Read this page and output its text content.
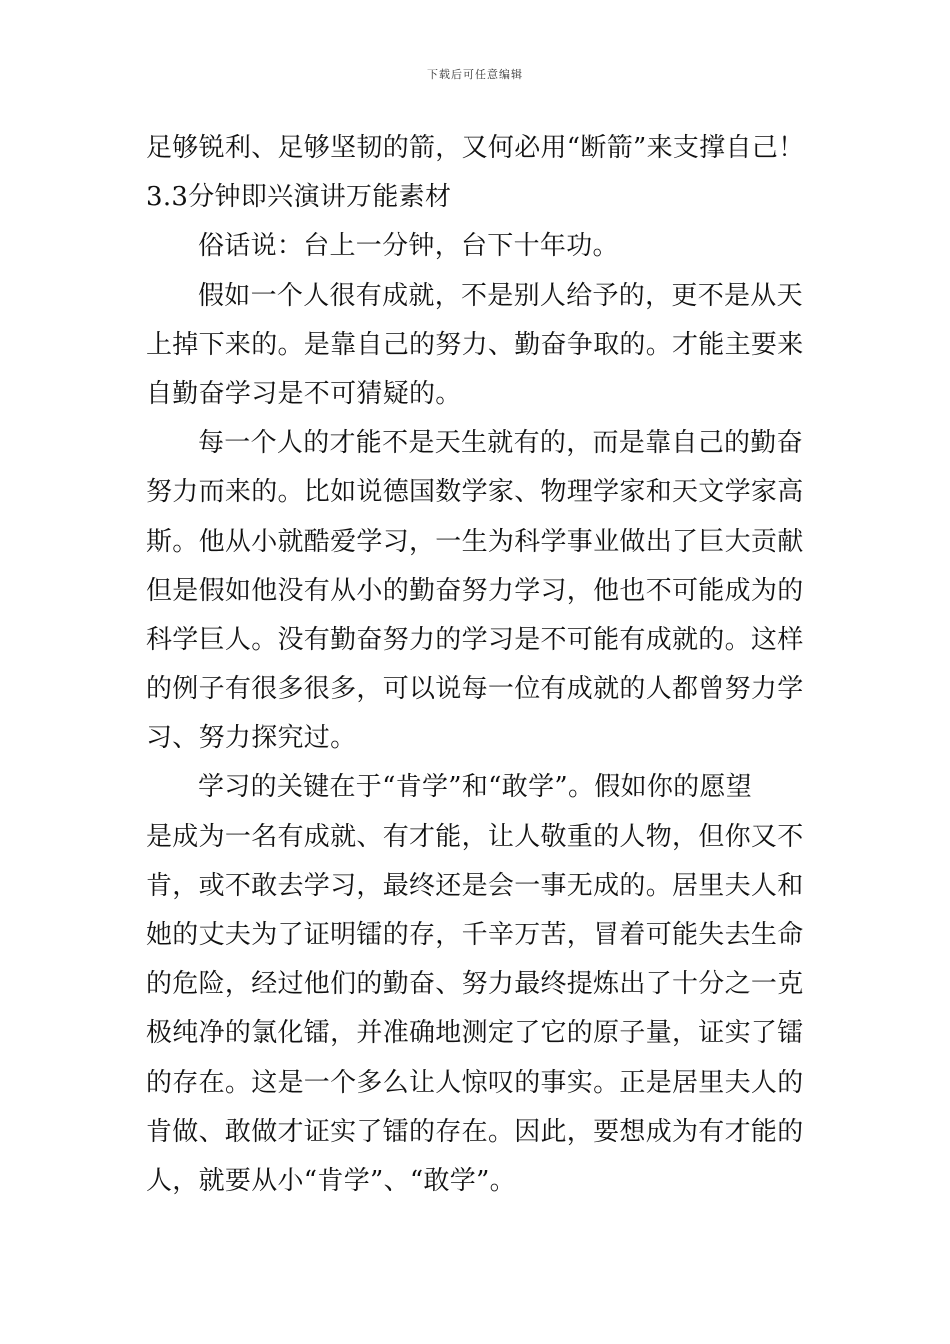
下载后可任意编辑
足够锐利、足够坚韧的箭，又何必用“断箭”来支撑自己！
3.3分钟即兴演讲万能素材
俗话说：台上一分钟，台下十年功。
假如一个人很有成就，不是别人给予的，更不是从天
上掉下来的。是靠自己的努力、勤奋争取的。才能主要来
自勤奋学习是不可猜疑的。
每一个人的才能不是天生就有的，而是靠自己的勤奋
努力而来的。比如说德国数学家、物理学家和天文学家高
斯。他从小就酷爱学习，一生为科学事业做出了巨大贡献
但是假如他没有从小的勤奋努力学习，他也不可能成为的
科学巨人。没有勤奋努力的学习是不可能有成就的。这样
的例子有很多很多，可以说每一位有成就的人都曾努力学
习、努力探究过。
学习的关键在于“肯学”和“敢学”。假如你的愿望
是成为一名有成就、有才能，让人敬重的人物，但你又不
肯，或不敢去学习，最终还是会一事无成的。居里夫人和
她的丈夫为了证明镭的存，千辛万苦，冒着可能失去生命
的危险，经过他们的勤奋、努力最终提炼出了十分之一克
极纯净的氯化镭，并准确地测定了它的原子量，证实了镭
的存在。这是一个多么让人惊叹的事实。正是居里夫人的
肯做、敢做才证实了镭的存在。因此，要想成为有才能的
人，就要从小“肯学”、“敢学”。
